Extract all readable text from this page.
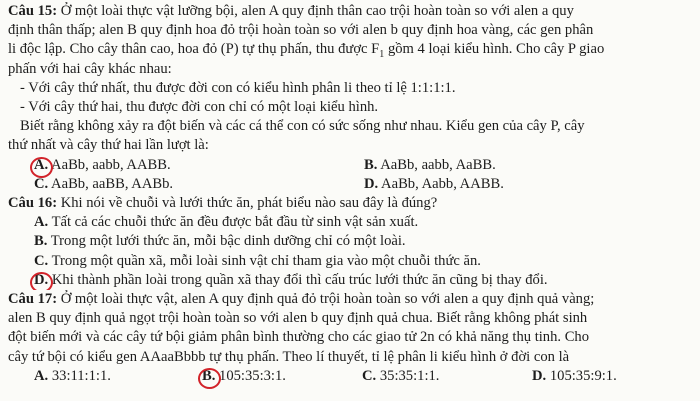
Câu 15: Ở một loài thực vật lưỡng bội, alen A quy định thân cao trội hoàn toàn so với alen a quy
định thân thấp; alen B quy định hoa đỏ trội hoàn toàn so với alen b quy định hoa vàng, các gen phân
li độc lập. Cho cây thân cao, hoa đỏ (P) tự thụ phấn, thu được $F_1$ gồm 4 loại kiểu hình. Cho cây P giao
phấn với hai cây khác nhau:
- Với cây thứ nhất, thu được đời con có kiểu hình phân li theo tỉ lệ 1:1:1:1.
- Với cây thứ hai, thu được đời con chỉ có một loại kiểu hình.
Biết rằng không xảy ra đột biến và các cá thể con có sức sống như nhau. Kiểu gen của cây P, cây
thứ nhất và cây thứ hai lần lượt là:
A. AaBb, aabb, AABB.	B. AaBb, aabb, AaBB.
C. AaBb, aaBB, AABb.	D. AaBb, Aabb, AABB.
Câu 16: Khi nói về chuỗi và lưới thức ăn, phát biểu nào sau đây là đúng?
A. Tất cả các chuỗi thức ăn đều được bắt đầu từ sinh vật sản xuất.
B. Trong một lưới thức ăn, mỗi bậc dinh dưỡng chỉ có một loài.
C. Trong một quần xã, mỗi loài sinh vật chỉ tham gia vào một chuỗi thức ăn.
D. Khi thành phần loài trong quần xã thay đổi thì cấu trúc lưới thức ăn cũng bị thay đổi.
Câu 17: Ở một loài thực vật, alen A quy định quả đỏ trội hoàn toàn so với alen a quy định quả vàng;
alen B quy định quả ngọt trội hoàn toàn so với alen b quy định quả chua. Biết rằng không phát sinh
đột biến mới và các cây tứ bội giảm phân bình thường cho các giao tử 2n có khả năng thụ tinh. Cho
cây tứ bội có kiểu gen AAaaBbbb tự thụ phấn. Theo lí thuyết, tỉ lệ phân li kiểu hình ở đời con là
A. 33:11:1:1.	B. 105:35:3:1.	C. 35:35:1:1.	D. 105:35:9:1.
